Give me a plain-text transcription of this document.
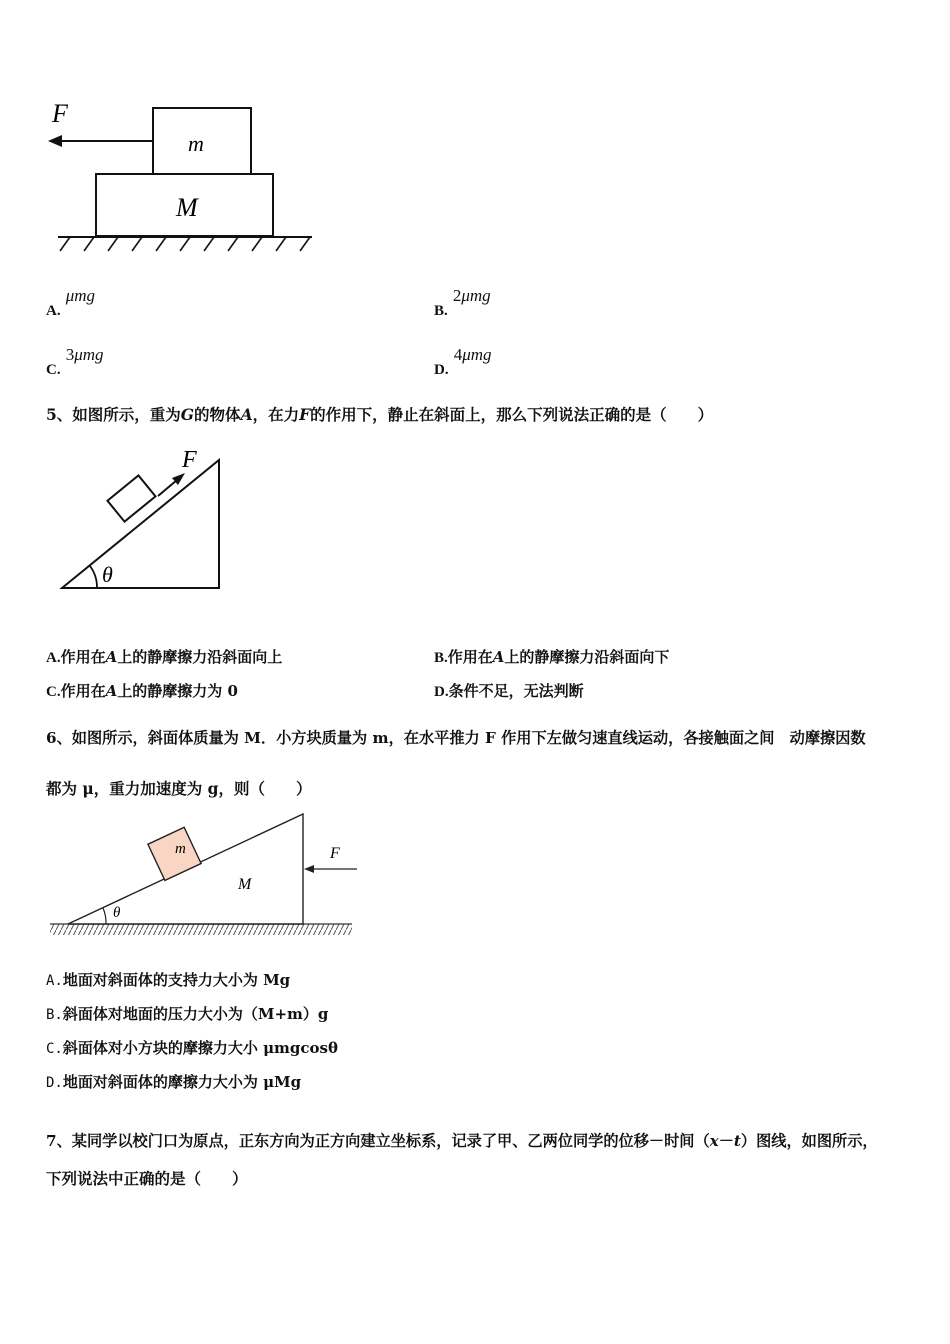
F
m
M
A. μmg
B. 2μmg
C. 3μmg
D. 4μmg
5、如图所示，重为G的物体A，在力F的作用下，静止在斜面上，那么下列说法正确的是（　　）
F
θ
A.作用在A上的静摩擦力沿斜面向上	B.作用在A上的静摩擦力沿斜面向下
C.作用在A上的静摩擦力为 0	D.条件不足，无法判断
6、如图所示，斜面体质量为 M．小方块质量为 m，在水平推力 F 作用下左做匀速直线运动，各接触面之间　动摩擦因数
都为 μ，重力加速度为 g，则（　　）
m
M
F
θ
A.地面对斜面体的支持力大小为 Mg
B.斜面体对地面的压力大小为（M+m）g
C.斜面体对小方块的摩擦力大小 μmgcosθ
D.地面对斜面体的摩擦力大小为 μMg
7、某同学以校门口为原点，正东方向为正方向建立坐标系，记录了甲、乙两位同学的位移－时间（x－t）图线，如图所示，
下列说法中正确的是（　　）
